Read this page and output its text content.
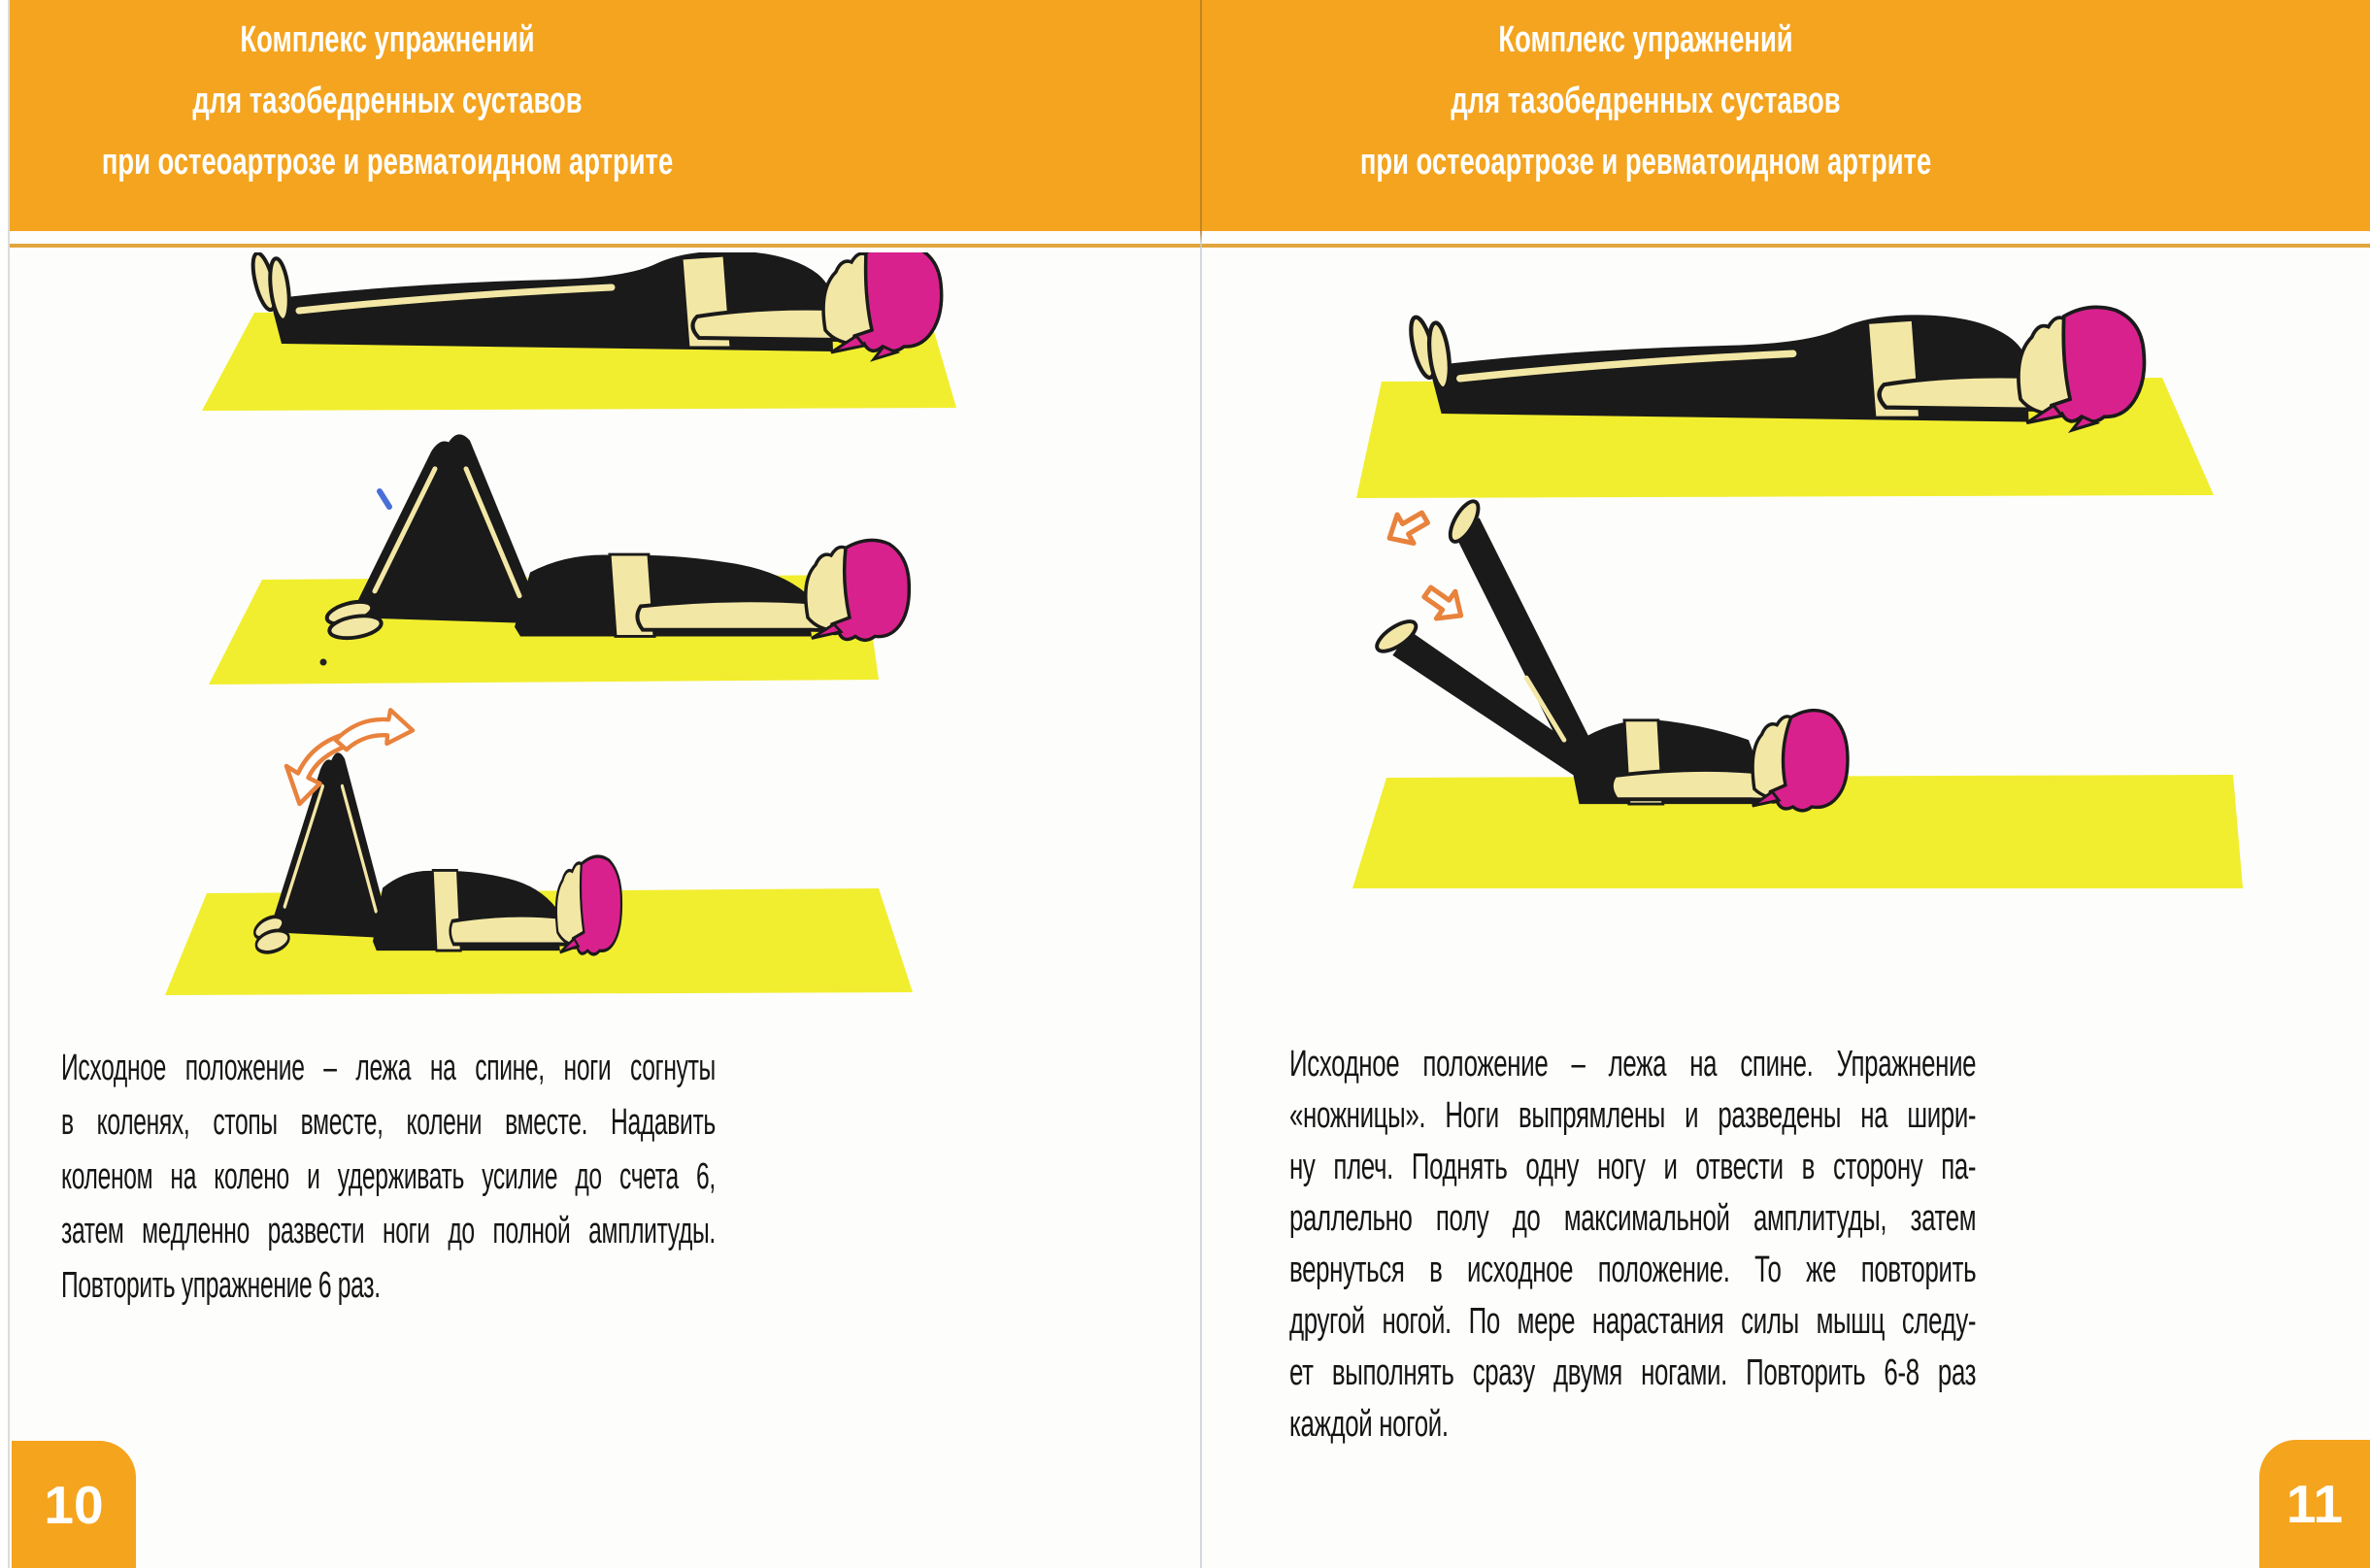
Комплекс упражнений
для тазобедренных суставов
при остеоартрозе и ревматоидном артрите
Комплекс упражнений
для тазобедренных суставов
при остеоартрозе и ревматоидном артрите
Исходное положение – лежа на спине, ноги согнуты
в коленях, стопы вместе, колени вместе. Надавить
коленом на колено и удерживать усилие до счета 6,
затем медленно развести ноги до полной амплитуды.
Повторить упражнение 6 раз.
Исходное положение – лежа на спине. Упражнение
«ножницы». Ноги выпрямлены и разведены на шири-
ну плеч. Поднять одну ногу и отвести в сторону па-
раллельно полу до максимальной амплитуды, затем
вернуться в исходное положение. То же повторить
другой ногой. По мере нарастания силы мышц следу-
ет выполнять сразу двумя ногами. Повторить 6-8 раз
каждой ногой.
10	11
